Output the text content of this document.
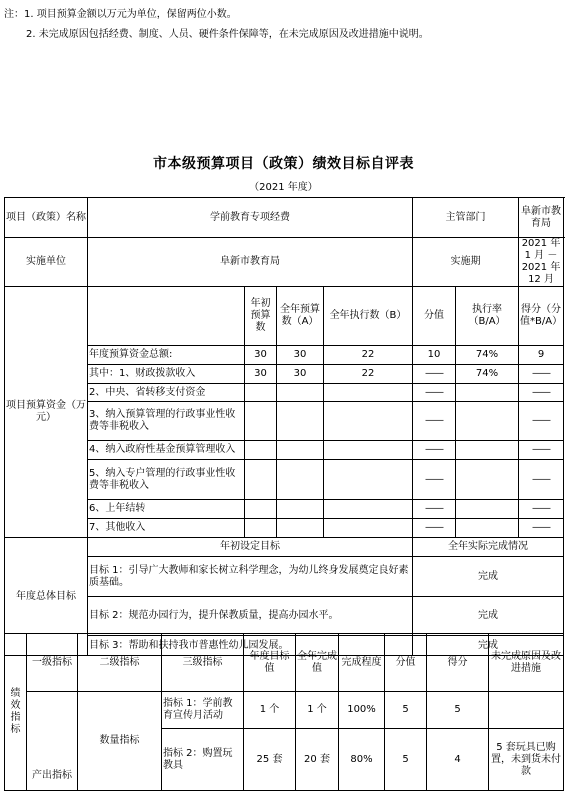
注：1. 项目预算金额以万元为单位，保留两位小数。
2. 未完成原因包括经费、制度、人员、硬件条件保障等，在未完成原因及改进措施中说明。
市本级预算项目（政策）绩效目标自评表
（2021 年度）
项目（政策）名称	学前教育专项经费				主管部门		阜新市教育局
实施单位	阜新市教育局				实施期		2021 年 1 月 － 2021 年 12 月
项目预算资金（万元）		年初预算数	全年预算数（A）	全年执行数（B）	分值	执行率（B/A）	得分（分值*B/A）
	年度预算资金总额:	30	30	22	10	74%	9
	其中：1、财政拨款收入	30	30	22	——	74%	——
	2、中央、省转移支付资金				——		——
	3、纳入预算管理的行政事业性收费等非税收入				——		——
	4、纳入政府性基金预算管理收入				——		——
	5、纳入专户管理的行政事业性收费等非税收入				——		——
	6、上年结转				——		——
	7、其他收入				——		——
年度总体目标	年初设定目标				全年实际完成情况		
	目标 1：引导广大教师和家长树立科学理念，为幼儿终身发展奠定良好素质基础。				完成		
	目标 2：规范办园行为，提升保教质量，提高办园水平。				完成		
	目标 3：帮助和扶持我市普惠性幼儿园发展。				完成		
绩效指标	一级指标	二级指标	三级指标	年度目标值	全年完成值	完成程度	分值	得分	未完成原因及改进措施
	产出指标	数量指标	指标 1：学前教育宣传月活动	1 个	1 个	100%	5	5	
			指标 2：购置玩教具	25 套	20 套	80%	5	4	5 套玩具已购置，未到货未付款
